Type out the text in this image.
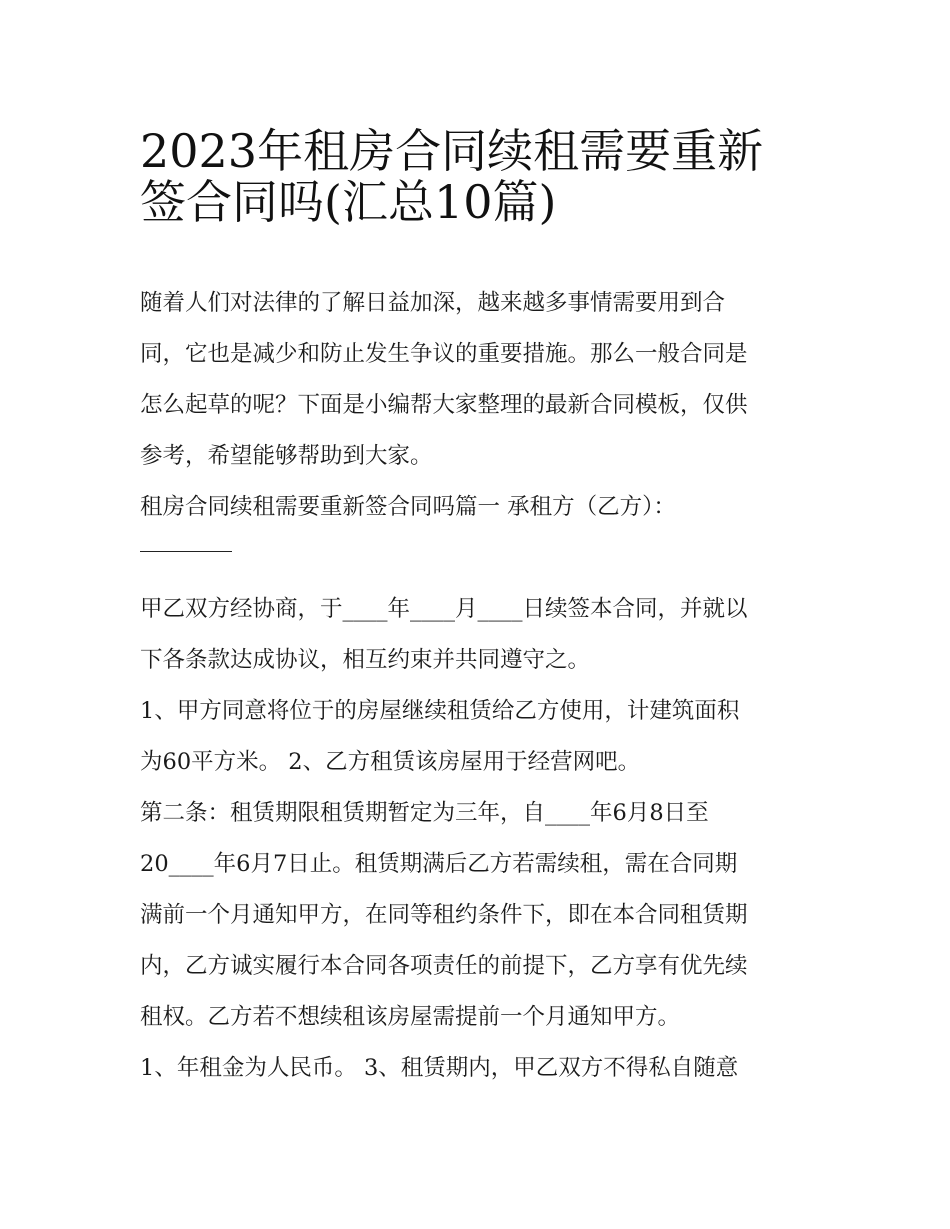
2023年租房合同续租需要重新
签合同吗(汇总10篇)
随着人们对法律的了解日益加深，越来越多事情需要用到合
同，它也是减少和防止发生争议的重要措施。那么一般合同是
怎么起草的呢？下面是小编帮大家整理的最新合同模板，仅供
参考，希望能够帮助到大家。
租房合同续租需要重新签合同吗篇一 承租方（乙方）：
甲乙双方经协商，于____年____月____日续签本合同，并就以
下各条款达成协议，相互约束并共同遵守之。
1、甲方同意将位于的房屋继续租赁给乙方使用，计建筑面积
为60平方米。 2、乙方租赁该房屋用于经营网吧。
第二条：租赁期限租赁期暂定为三年，自____年6月8日至
20____年6月7日止。租赁期满后乙方若需续租，需在合同期
满前一个月通知甲方，在同等租约条件下，即在本合同租赁期
内，乙方诚实履行本合同各项责任的前提下，乙方享有优先续
租权。乙方若不想续租该房屋需提前一个月通知甲方。
1、年租金为人民币。 3、租赁期内，甲乙双方不得私自随意
